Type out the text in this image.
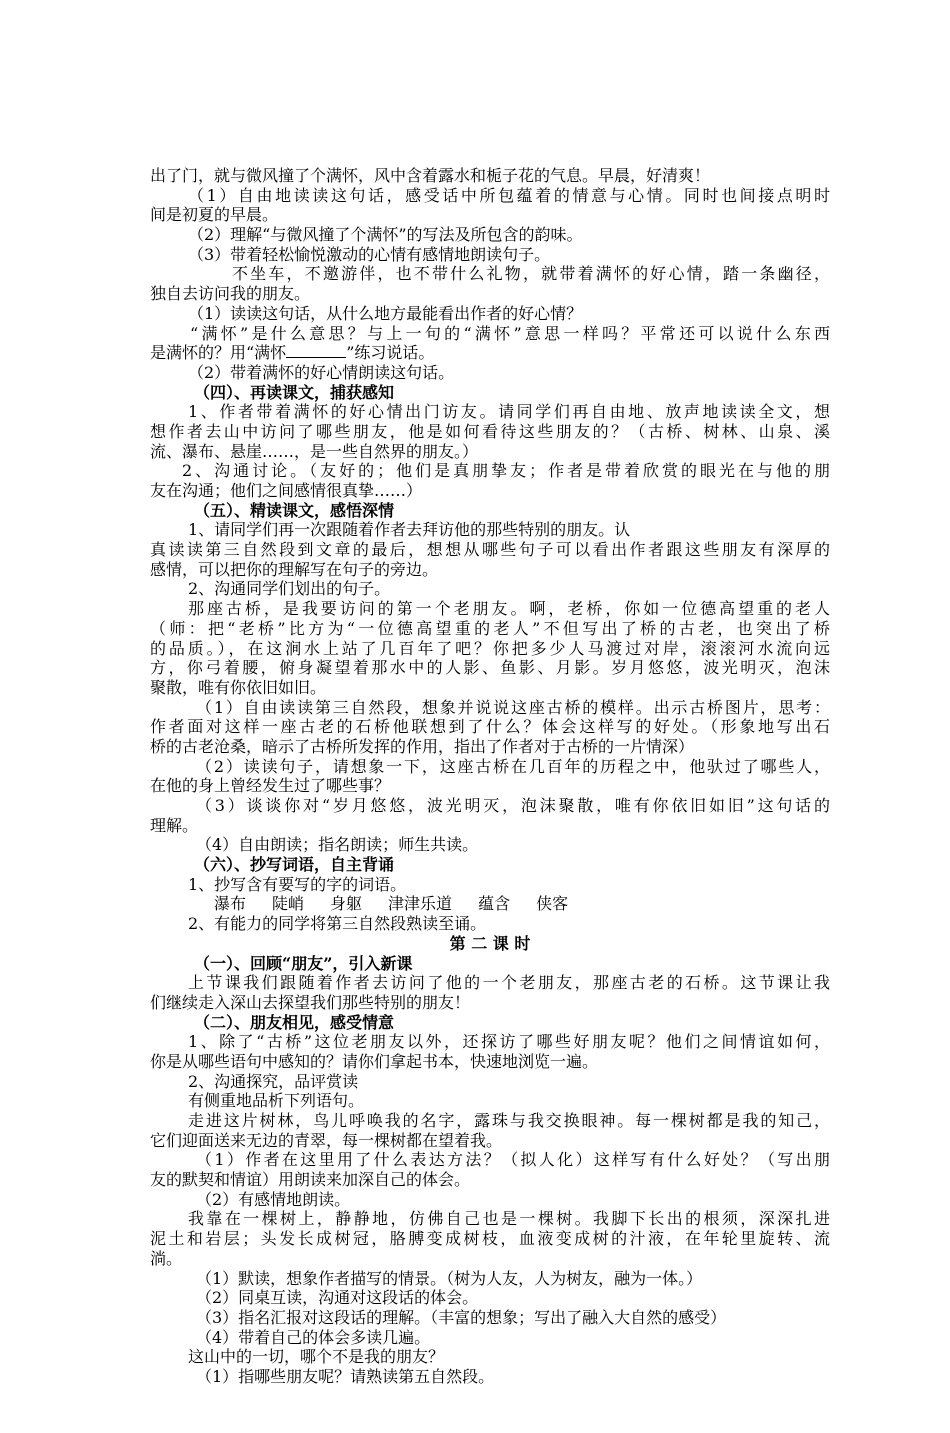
出了门，就与微风撞了个满怀，风中含着露水和栀子花的气息。早晨，好清爽！
（1）自由地读读这句话，感受话中所包蕴着的情意与心情。同时也间接点明时
间是初夏的早晨。
（2）理解“与微风撞了个满怀”的写法及所包含的韵味。
（3）带着轻松愉悦激动的心情有感情地朗读句子。
不坐车，不邀游伴，也不带什么礼物，就带着满怀的好心情，踏一条幽径，
独自去访问我的朋友。
（1）读读这句话，从什么地方最能看出作者的好心情？
“满怀”是什么意思？与上一句的“满怀”意思一样吗？平常还可以说什么东西
是满怀的？用“满怀	”练习说话。
（2）带着满怀的好心情朗读这句话。
（四）、再读课文，捕获感知
1、作者带着满怀的好心情出门访友。请同学们再自由地、放声地读读全文，想
想作者去山中访问了哪些朋友，他是如何看待这些朋友的？（古桥、树林、山泉、溪
流、瀑布、悬崖……，是一些自然界的朋友。）
2、沟通讨论。（友好的；他们是真朋挚友；作者是带着欣赏的眼光在与他的朋
友在沟通；他们之间感情很真挚……）
（五）、精读课文，感悟深情
1、请同学们再一次跟随着作者去拜访他的那些特别的朋友。认
真读读第三自然段到文章的最后，想想从哪些句子可以看出作者跟这些朋友有深厚的
感情，可以把你的理解写在句子的旁边。
2、沟通同学们划出的句子。
那座古桥，是我要访问的第一个老朋友。啊，老桥，你如一位德高望重的老人
（师：把“老桥”比方为“一位德高望重的老人”不但写出了桥的古老，也突出了桥
的品质。），在这涧水上站了几百年了吧？你把多少人马渡过对岸，滚滚河水流向远
方，你弓着腰，俯身凝望着那水中的人影、鱼影、月影。岁月悠悠，波光明灭，泡沫
聚散，唯有你依旧如旧。
（1）自由读读第三自然段，想象并说说这座古桥的模样。出示古桥图片，思考：
作者面对这样一座古老的石桥他联想到了什么？体会这样写的好处。（形象地写出石
桥的古老沧桑，暗示了古桥所发挥的作用，指出了作者对于古桥的一片情深）
（2）读读句子，请想象一下，这座古桥在几百年的历程之中，他驮过了哪些人，
在他的身上曾经发生过了哪些事？
（3）谈谈你对“岁月悠悠，波光明灭，泡沫聚散，唯有你依旧如旧”这句话的
理解。
（4）自由朗读；指名朗读；师生共读。
（六）、抄写词语，自主背诵
1、抄写含有要写的字的词语。
瀑布 陡峭 身躯 津津乐道 蕴含 侠客
2、有能力的同学将第三自然段熟读至诵。
第 二 课 时
（一）、回顾“朋友”，引入新课
上节课我们跟随着作者去访问了他的一个老朋友，那座古老的石桥。这节课让我
们继续走入深山去探望我们那些特别的朋友！
（二）、朋友相见，感受情意
1、除了“古桥”这位老朋友以外，还探访了哪些好朋友呢？他们之间情谊如何，
你是从哪些语句中感知的？请你们拿起书本，快速地浏览一遍。
2、沟通探究，品评赏读
有侧重地品析下列语句。
走进这片树林，鸟儿呼唤我的名字，露珠与我交换眼神。每一棵树都是我的知己，
它们迎面送来无边的青翠，每一棵树都在望着我。
（1）作者在这里用了什么表达方法？（拟人化）这样写有什么好处？（写出朋
友的默契和情谊）用朗读来加深自己的体会。
（2）有感情地朗读。
我靠在一棵树上，静静地，仿佛自己也是一棵树。我脚下长出的根须，深深扎进
泥土和岩层；头发长成树冠，胳膊变成树枝，血液变成树的汁液，在年轮里旋转、流
淌。
（1）默读，想象作者描写的情景。（树为人友，人为树友，融为一体。）
（2）同桌互读，沟通对这段话的体会。
（3）指名汇报对这段话的理解。（丰富的想象；写出了融入大自然的感受）
（4）带着自己的体会多读几遍。
这山中的一切，哪个不是我的朋友？
（1）指哪些朋友呢？请熟读第五自然段。
